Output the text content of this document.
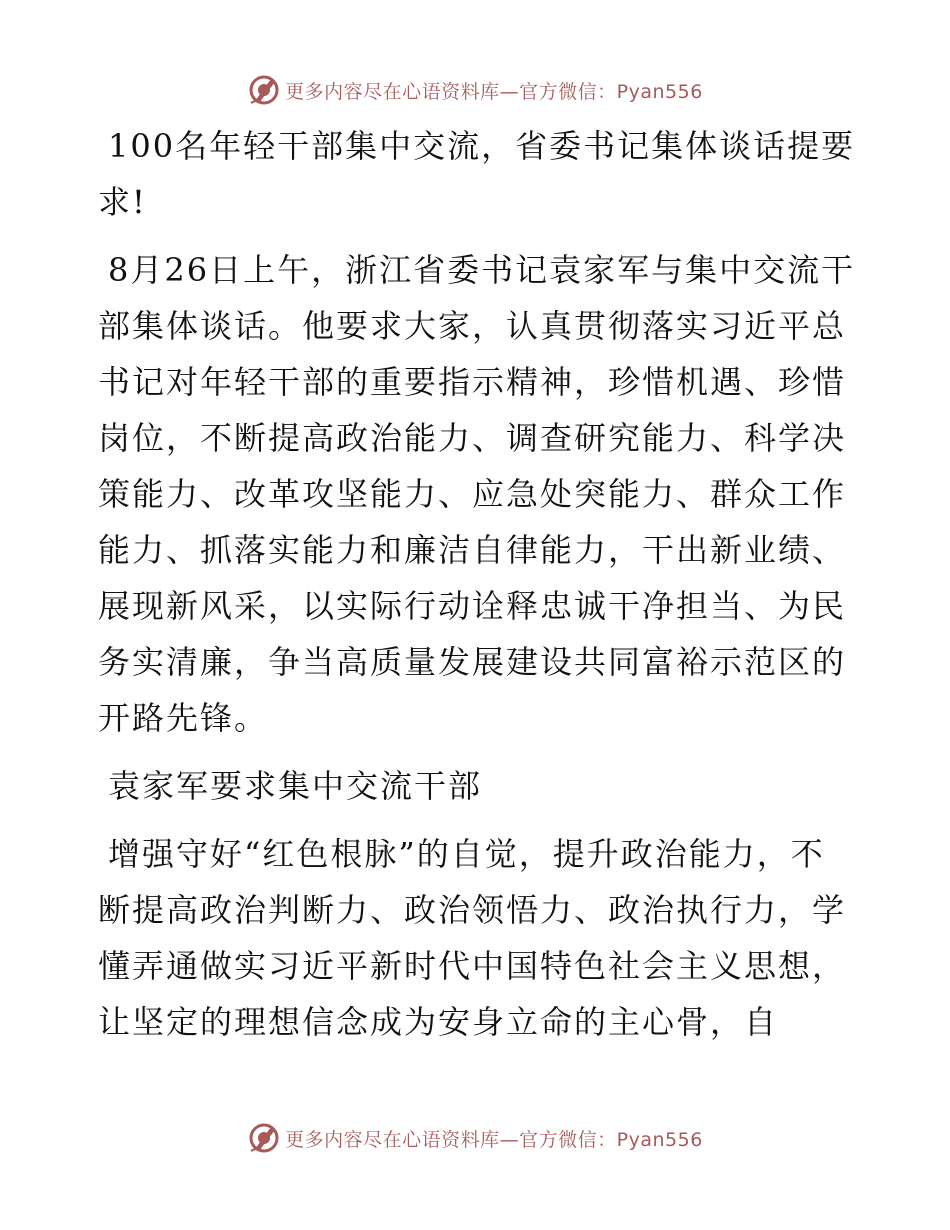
更多内容尽在心语资料库—官方微信：Pyan556

100名年轻干部集中交流，省委书记集体谈话提要求!

8月26日上午，浙江省委书记袁家军与集中交流干部集体谈话。他要求大家，认真贯彻落实习近平总书记对年轻干部的重要指示精神，珍惜机遇、珍惜岗位，不断提高政治能力、调查研究能力、科学决策能力、改革攻坚能力、应急处突能力、群众工作能力、抓落实能力和廉洁自律能力，干出新业绩、展现新风采，以实际行动诠释忠诚干净担当、为民务实清廉，争当高质量发展建设共同富裕示范区的开路先锋。

袁家军要求集中交流干部

增强守好“红色根脉”的自觉，提升政治能力，不断提高政治判断力、政治领悟力、政治执行力，学懂弄通做实习近平新时代中国特色社会主义思想，让坚定的理想信念成为安身立命的主心骨，自

更多内容尽在心语资料库—官方微信：Pyan556
